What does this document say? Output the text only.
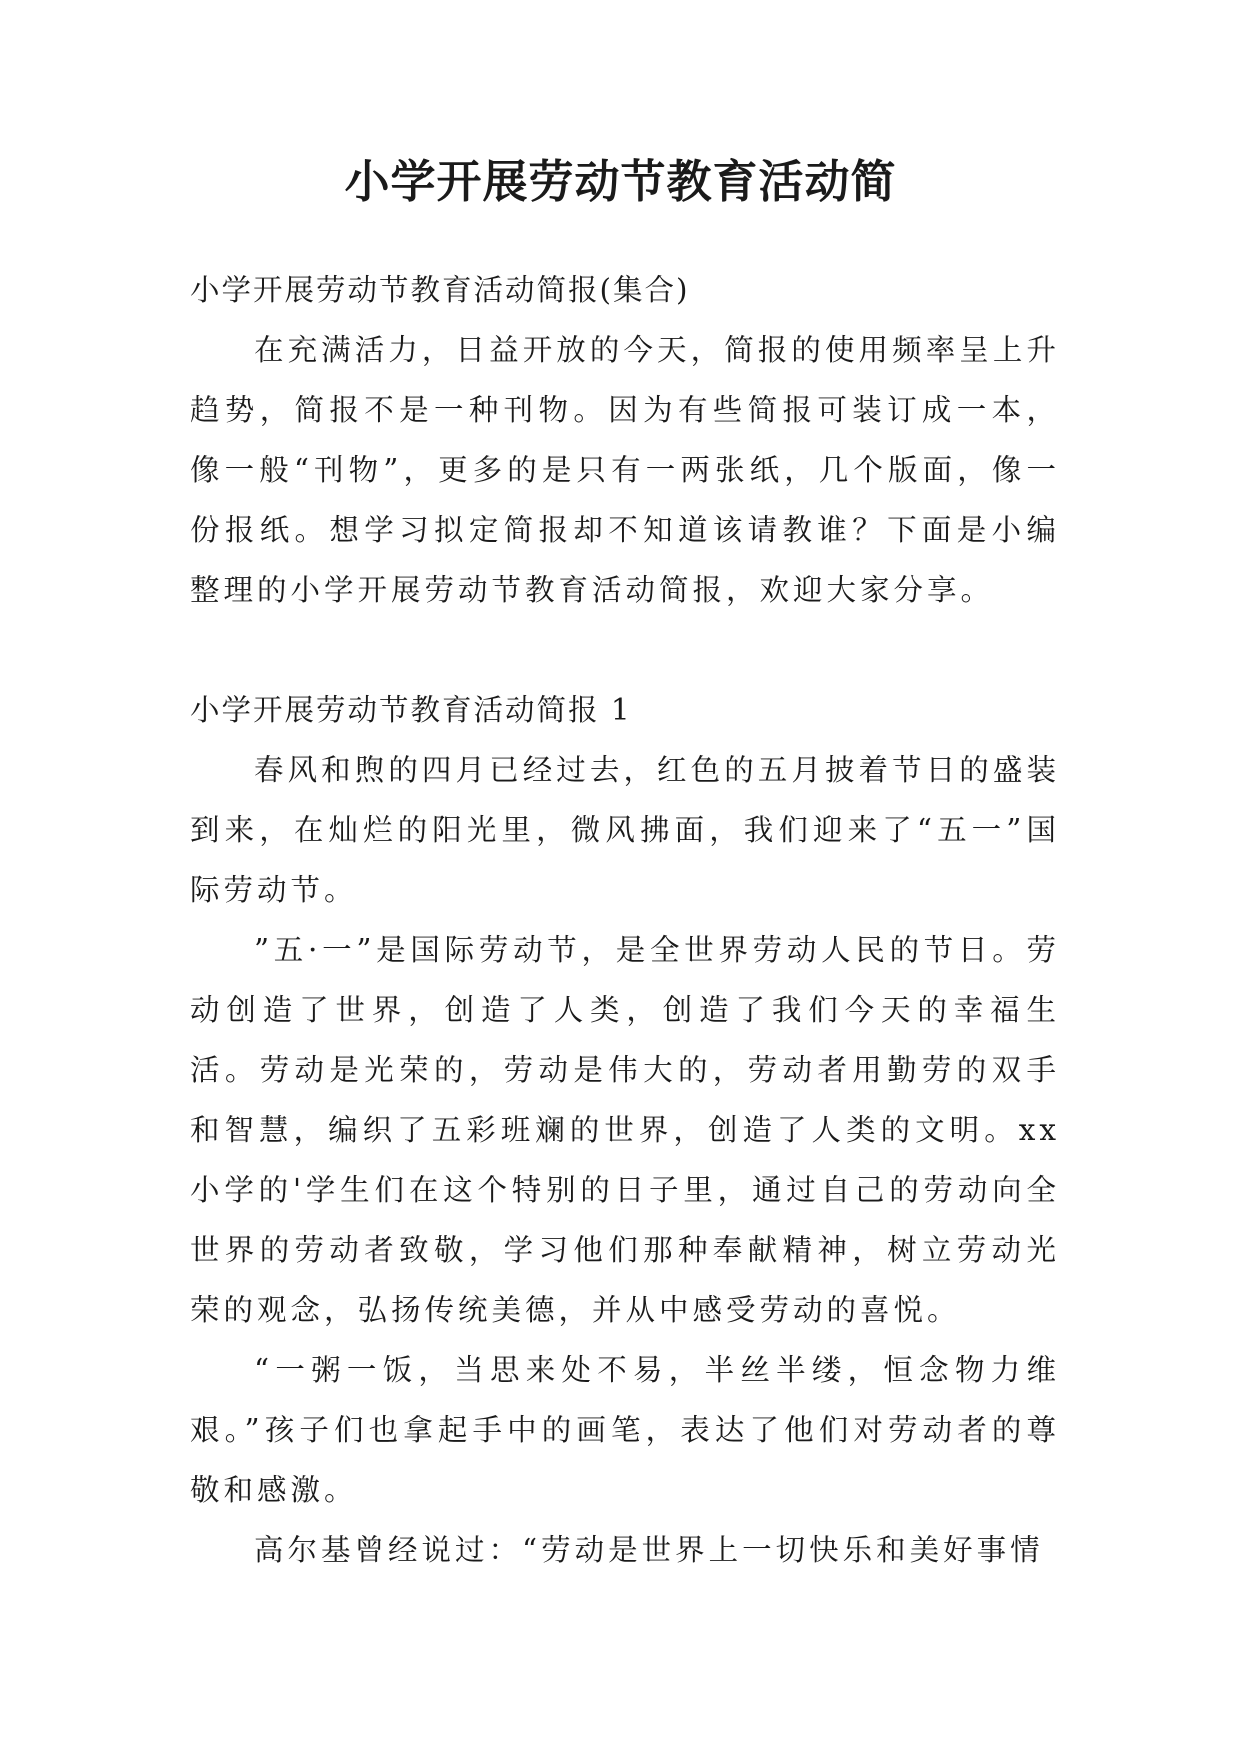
小学开展劳动节教育活动简

小学开展劳动节教育活动简报(集合)

在充满活力，日益开放的今天，简报的使用频率呈上升趋势，简报不是一种刊物。因为有些简报可装订成一本，像一般“刊物”，更多的是只有一两张纸，几个版面，像一份报纸。想学习拟定简报却不知道该请教谁？下面是小编整理的小学开展劳动节教育活动简报，欢迎大家分享。

小学开展劳动节教育活动简报 1

春风和煦的四月已经过去，红色的五月披着节日的盛装到来，在灿烂的阳光里，微风拂面，我们迎来了“五一”国际劳动节。

”五·一”是国际劳动节，是全世界劳动人民的节日。劳动创造了世界，创造了人类，创造了我们今天的幸福生活。劳动是光荣的，劳动是伟大的，劳动者用勤劳的双手和智慧，编织了五彩班斓的世界，创造了人类的文明。xx 小学的'学生们在这个特别的日子里，通过自己的劳动向全世界的劳动者致敬，学习他们那种奉献精神，树立劳动光荣的观念，弘扬传统美德，并从中感受劳动的喜悦。

“一粥一饭，当思来处不易，半丝半缕，恒念物力维艰。”孩子们也拿起手中的画笔，表达了他们对劳动者的尊敬和感激。

高尔基曾经说过：“劳动是世界上一切快乐和美好事情
